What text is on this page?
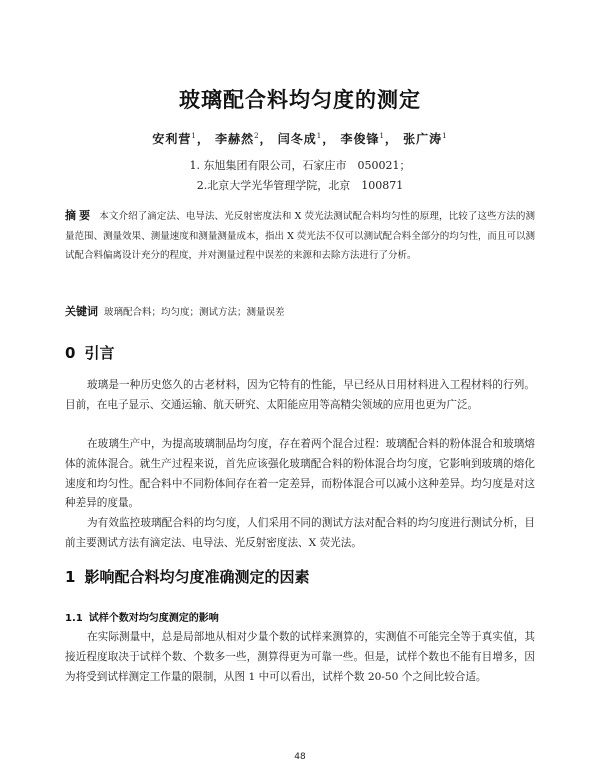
玻璃配合料均匀度的测定
安利营$^1$， 李赫然$^2$， 闫冬成$^1$， 李俊锋$^1$， 张广涛$^1$
1. 东旭集团有限公司，石家庄市　050021；
2.北京大学光华管理学院，北京　100871
摘要 本文介绍了滴定法、电导法、光反射密度法和 X 荧光法测试配合料均匀性的原理，比较了这些方法的测量范围、测量效果、测量速度和测量测量成本，指出 X 荧光法不仅可以测试配合料全部分的均匀性，而且可以测试配合料偏离设计充分的程度，并对测量过程中误差的来源和去除方法进行了分析。
关键词 玻璃配合料；均匀度；测试方法；测量误差
0 引言

玻璃是一种历史悠久的古老材料，因为它特有的性能，早已经从日用材料进入工程材料的行列。目前，在电子显示、交通运输、航天研究、太阳能应用等高精尖领域的应用也更为广泛。

在玻璃生产中，为提高玻璃制品均匀度，存在着两个混合过程：玻璃配合料的粉体混合和玻璃熔体的流体混合。就生产过程来说，首先应该强化玻璃配合料的粉体混合均匀度，它影响到玻璃的熔化速度和均匀性。配合料中不同粉体间存在着一定差异，而粉体混合可以减小这种差异。均匀度是对这种差异的度量。

为有效监控玻璃配合料的均匀度，人们采用不同的测试方法对配合料的均匀度进行测试分析，目前主要测试方法有滴定法、电导法、光反射密度法、X 荧光法。

1 影响配合料均匀度准确测定的因素
1.1 试样个数对均匀度测定的影响

在实际测量中，总是局部地从相对少量个数的试样来测算的，实测值不可能完全等于真实值，其接近程度取决于试样个数、个数多一些，测算得更为可靠一些。但是，试样个数也不能有目增多，因为将受到试样测定工作量的限制，从图 1 中可以看出，试样个数 20-50 个之间比较合适。

48
